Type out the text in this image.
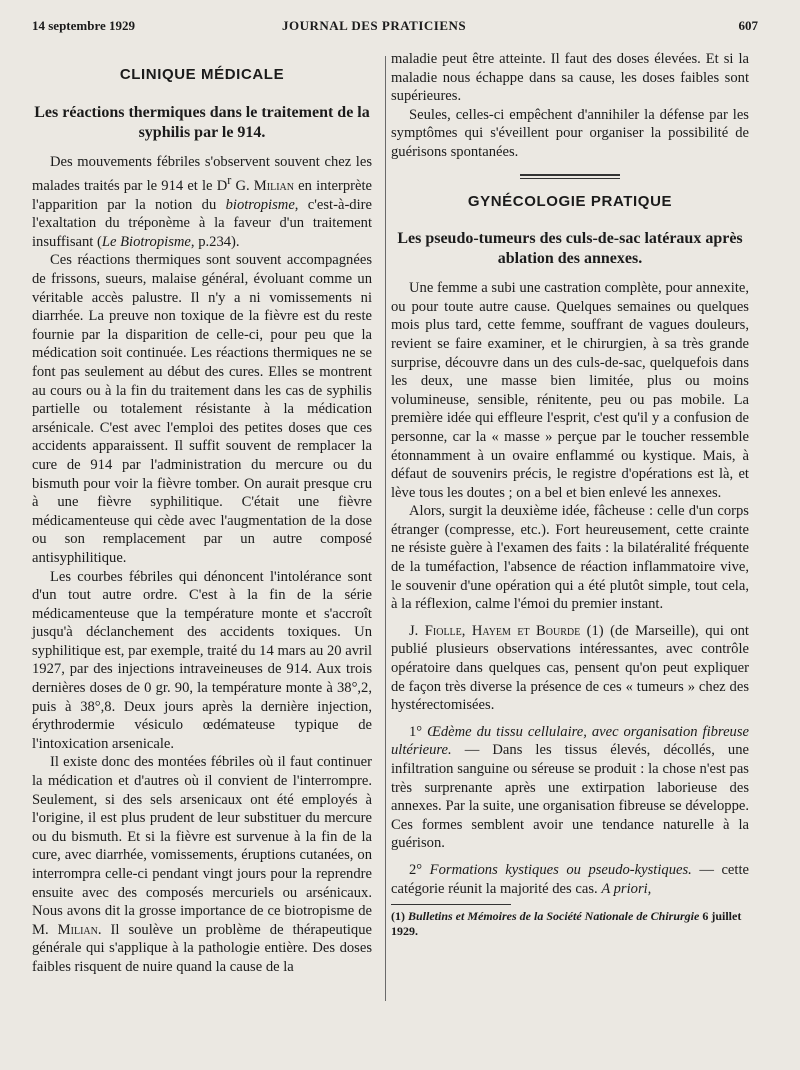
14 septembre 1929	JOURNAL DES PRATICIENS	607
CLINIQUE MÉDICALE
Les réactions thermiques dans le traitement de la syphilis par le 914.

Des mouvements fébriles s'observent souvent chez les malades traités par le 914 et le $D^r$ G. Milian en interprète l'apparition par la notion du biotropisme, c'est-à-dire l'exaltation du tréponème à la faveur d'un traitement insuffisant (Le Biotropisme, p.234).

Ces réactions thermiques sont souvent accompagnées de frissons, sueurs, malaise général, évoluant comme un véritable accès palustre. Il n'y a ni vomissements ni diarrhée. La preuve non toxique de la fièvre est du reste fournie par la disparition de celle-ci, pour peu que la médication soit continuée. Les réactions thermiques ne se font pas seulement au début des cures. Elles se montrent au cours ou à la fin du traitement dans les cas de syphilis partielle ou totalement résistante à la médication arsénicale. C'est avec l'emploi des petites doses que ces accidents apparaissent. Il suffit souvent de remplacer la cure de 914 par l'administration du mercure ou du bismuth pour voir la fièvre tomber. On aurait presque cru à une fièvre syphilitique. C'était une fièvre médicamenteuse qui cède avec l'augmentation de la dose ou son remplacement par un autre composé antisyphilitique.

Les courbes fébriles qui dénoncent l'intolérance sont d'un tout autre ordre. C'est à la fin de la série médicamenteuse que la température monte et s'accroît jusqu'à déclanchement des accidents toxiques. Un syphilitique est, par exemple, traité du 14 mars au 20 avril 1927, par des injections intraveineuses de 914. Aux trois dernières doses de 0 gr. 90, la température monte à 38°,2, puis à 38°,8. Deux jours après la dernière injection, érythrodermie vésiculo œdémateuse typique de l'intoxication arsenicale.

Il existe donc des montées fébriles où il faut continuer la médication et d'autres où il convient de l'interrompre. Seulement, si des sels arsenicaux ont été employés à l'origine, il est plus prudent de leur substituer du mercure ou du bismuth. Et si la fièvre est survenue à la fin de la cure, avec diarrhée, vomissements, éruptions cutanées, on interrompra celle-ci pendant vingt jours pour la reprendre ensuite avec des composés mercuriels ou arsénicaux. Nous avons dit la grosse importance de ce biotropisme de M. Milian. Il soulève un problème de thérapeutique générale qui s'applique à la pathologie entière. Des doses faibles risquent de nuire quand la cause de la

maladie peut être atteinte. Il faut des doses élevées. Et si la maladie nous échappe dans sa cause, les doses faibles sont supérieures.

Seules, celles-ci empêchent d'annihiler la défense par les symptômes qui s'éveillent pour organiser la possibilité de guérisons spontanées.

GYNÉCOLOGIE PRATIQUE
Les pseudo-tumeurs des culs-de-sac latéraux après ablation des annexes.

Une femme a subi une castration complète, pour annexite, ou pour toute autre cause. Quelques semaines ou quelques mois plus tard, cette femme, souffrant de vagues douleurs, revient se faire examiner, et le chirurgien, à sa très grande surprise, découvre dans un des culs-de-sac, quelquefois dans les deux, une masse bien limitée, plus ou moins volumineuse, sensible, rénitente, peu ou pas mobile. La première idée qui effleure l'esprit, c'est qu'il y a confusion de personne, car la « masse » perçue par le toucher ressemble étonnamment à un ovaire enflammé ou kystique. Mais, à défaut de souvenirs précis, le registre d'opérations est là, et lève tous les doutes ; on a bel et bien enlevé les annexes.

Alors, surgit la deuxième idée, fâcheuse : celle d'un corps étranger (compresse, etc.). Fort heureusement, cette crainte ne résiste guère à l'examen des faits : la bilatéralité fréquente de la tuméfaction, l'absence de réaction inflammatoire vive, le souvenir d'une opération qui a été plutôt simple, tout cela, à la réflexion, calme l'émoi du premier instant.

J. Fiolle, Hayem et Bourde (1) (de Marseille), qui ont publié plusieurs observations intéressantes, avec contrôle opératoire dans quelques cas, pensent qu'on peut expliquer de façon très diverse la présence de ces « tumeurs » chez des hystérectomisées.

1° Œdème du tissu cellulaire, avec organisation fibreuse ultérieure. — Dans les tissus élevés, décollés, une infiltration sanguine ou séreuse se produit : la chose n'est pas très surprenante après une extirpation laborieuse des annexes. Par la suite, une organisation fibreuse se développe. Ces formes semblent avoir une tendance naturelle à la guérison.

2° Formations kystiques ou pseudo-kystiques. — cette catégorie réunit la majorité des cas. A priori,

(1) Bulletins et Mémoires de la Société Nationale de Chirurgie 6 juillet 1929.
